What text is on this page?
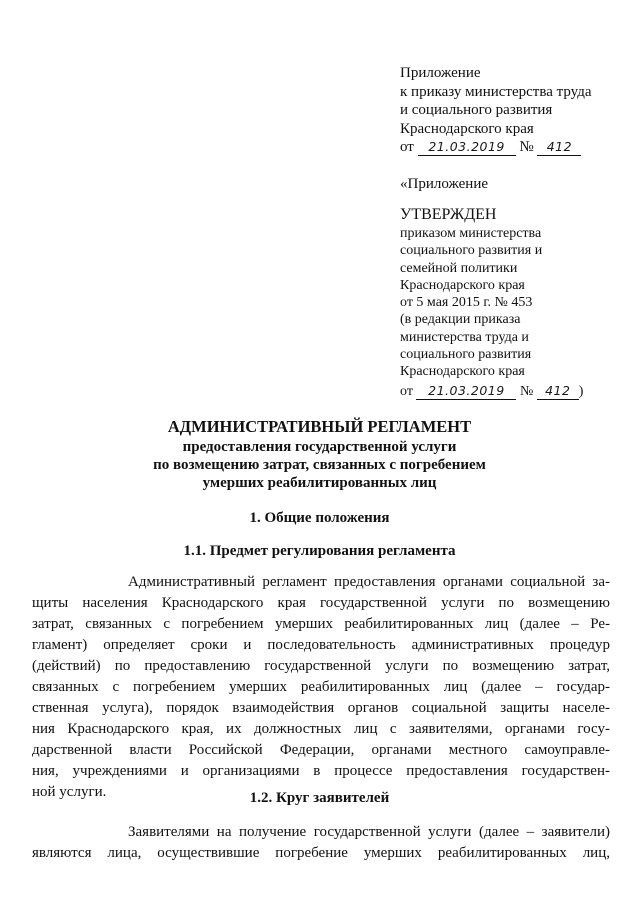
Приложение
к приказу министерства труда
и социального развития
Краснодарского края
от 21.03.2019 № 412
«Приложение
УТВЕРЖДЕН
приказом министерства
социального развития и
семейной политики
Краснодарского края
от 5 мая 2015 г. № 453
(в редакции приказа
министерства труда и
социального развития
Краснодарского края
от 21.03.2019 № 412 )
АДМИНИСТРАТИВНЫЙ РЕГЛАМЕНТ
предоставления государственной услуги
по возмещению затрат, связанных с погребением
умерших реабилитированных лиц
1. Общие положения
1.1. Предмет регулирования регламента
Административный регламент предоставления органами социальной за-
щиты населения Краснодарского края государственной услуги по возмещению
затрат, связанных с погребением умерших реабилитированных лиц (далее – Ре-
гламент) определяет сроки и последовательность административных процедур
(действий) по предоставлению государственной услуги по возмещению затрат,
связанных с погребением умерших реабилитированных лиц (далее – государ-
ственная услуга), порядок взаимодействия органов социальной защиты населе-
ния Краснодарского края, их должностных лиц с заявителями, органами госу-
дарственной власти Российской Федерации, органами местного самоуправле-
ния, учреждениями и организациями в процессе предоставления государствен-
ной услуги.	1.2. Круг заявителей
Заявителями на получение государственной услуги (далее – заявители)
являются лица, осуществившие погребение умерших реабилитированных лиц,
